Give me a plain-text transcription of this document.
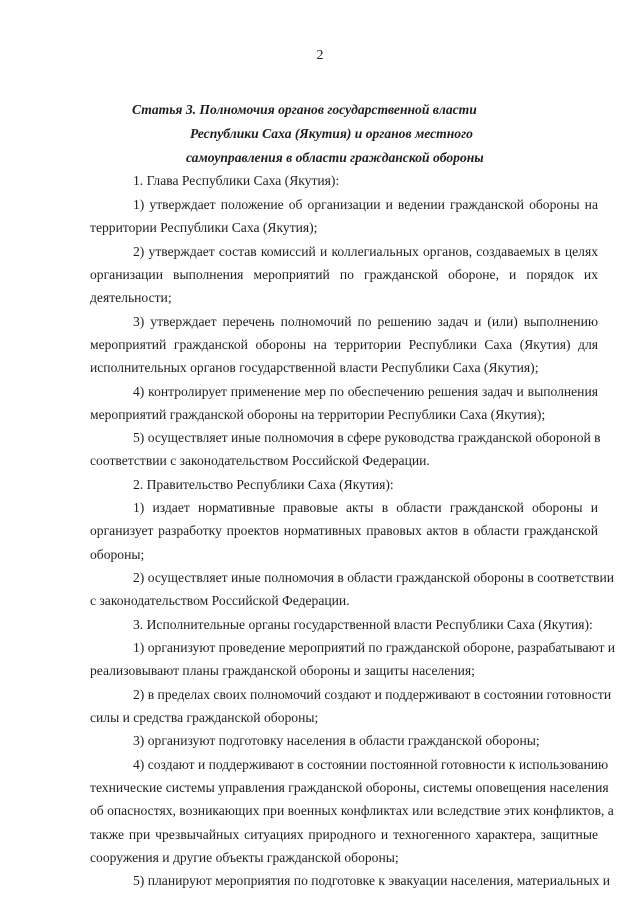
2
Статья 3. Полномочия органов государственной власти
Республики Саха (Якутия) и органов местного
самоуправления в области гражданской обороны
1. Глава Республики Саха (Якутия):
1) утверждает положение об организации и ведении гражданской обороны на
территории Республики Саха (Якутия);
2) утверждает состав комиссий и коллегиальных органов, создаваемых в целях
организации выполнения мероприятий по гражданской обороне, и порядок их
деятельности;
3) утверждает перечень полномочий по решению задач и (или) выполнению
мероприятий гражданской обороны на территории Республики Саха (Якутия) для
исполнительных органов государственной власти Республики Саха (Якутия);
4) контролирует применение мер по обеспечению решения задач и выполнения
мероприятий гражданской обороны на территории Республики Саха (Якутия);
5) осуществляет иные полномочия в сфере руководства гражданской обороной в
соответствии с законодательством Российской Федерации.
2. Правительство Республики Саха (Якутия):
1) издает нормативные правовые акты в области гражданской обороны и
организует разработку проектов нормативных правовых актов в области гражданской
обороны;
2) осуществляет иные полномочия в области гражданской обороны в соответствии
с законодательством Российской Федерации.
3. Исполнительные органы государственной власти Республики Саха (Якутия):
1) организуют проведение мероприятий по гражданской обороне, разрабатывают и
реализовывают планы гражданской обороны и защиты населения;
2) в пределах своих полномочий создают и поддерживают в состоянии готовности
силы и средства гражданской обороны;
3) организуют подготовку населения в области гражданской обороны;
4) создают и поддерживают в состоянии постоянной готовности к использованию
технические системы управления гражданской обороны, системы оповещения населения
об опасностях, возникающих при военных конфликтах или вследствие этих конфликтов, а
также при чрезвычайных ситуациях природного и техногенного характера, защитные
сооружения и другие объекты гражданской обороны;
5) планируют мероприятия по подготовке к эвакуации населения, материальных и
